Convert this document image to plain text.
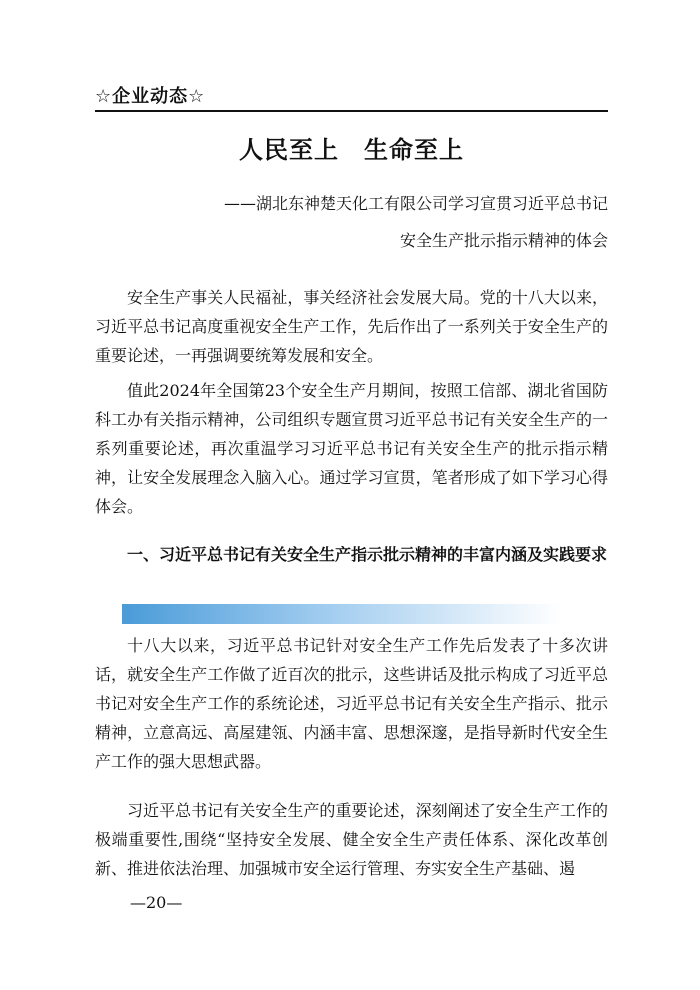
☆企业动态☆
人民至上　生命至上
——湖北东神楚天化工有限公司学习宣贯习近平总书记
安全生产批示指示精神的体会

安全生产事关人民福祉，事关经济社会发展大局。党的十八大以来，习近平总书记高度重视安全生产工作，先后作出了一系列关于安全生产的重要论述，一再强调要统筹发展和安全。

值此2024年全国第23个安全生产月期间，按照工信部、湖北省国防科工办有关指示精神，公司组织专题宣贯习近平总书记有关安全生产的一系列重要论述，再次重温学习习近平总书记有关安全生产的批示指示精神，让安全发展理念入脑入心。通过学习宣贯，笔者形成了如下学习心得体会。

一、习近平总书记有关安全生产指示批示精神的丰富内涵及实践要求

十八大以来，习近平总书记针对安全生产工作先后发表了十多次讲话，就安全生产工作做了近百次的批示，这些讲话及批示构成了习近平总书记对安全生产工作的系统论述，习近平总书记有关安全生产指示、批示精神，立意高远、高屋建瓴、内涵丰富、思想深邃，是指导新时代安全生产工作的强大思想武器。

习近平总书记有关安全生产的重要论述，深刻阐述了安全生产工作的极端重要性,围绕“坚持安全发展、健全安全生产责任体系、深化改革创新、推进依法治理、加强城市安全运行管理、夯实安全生产基础、遏

—20—
